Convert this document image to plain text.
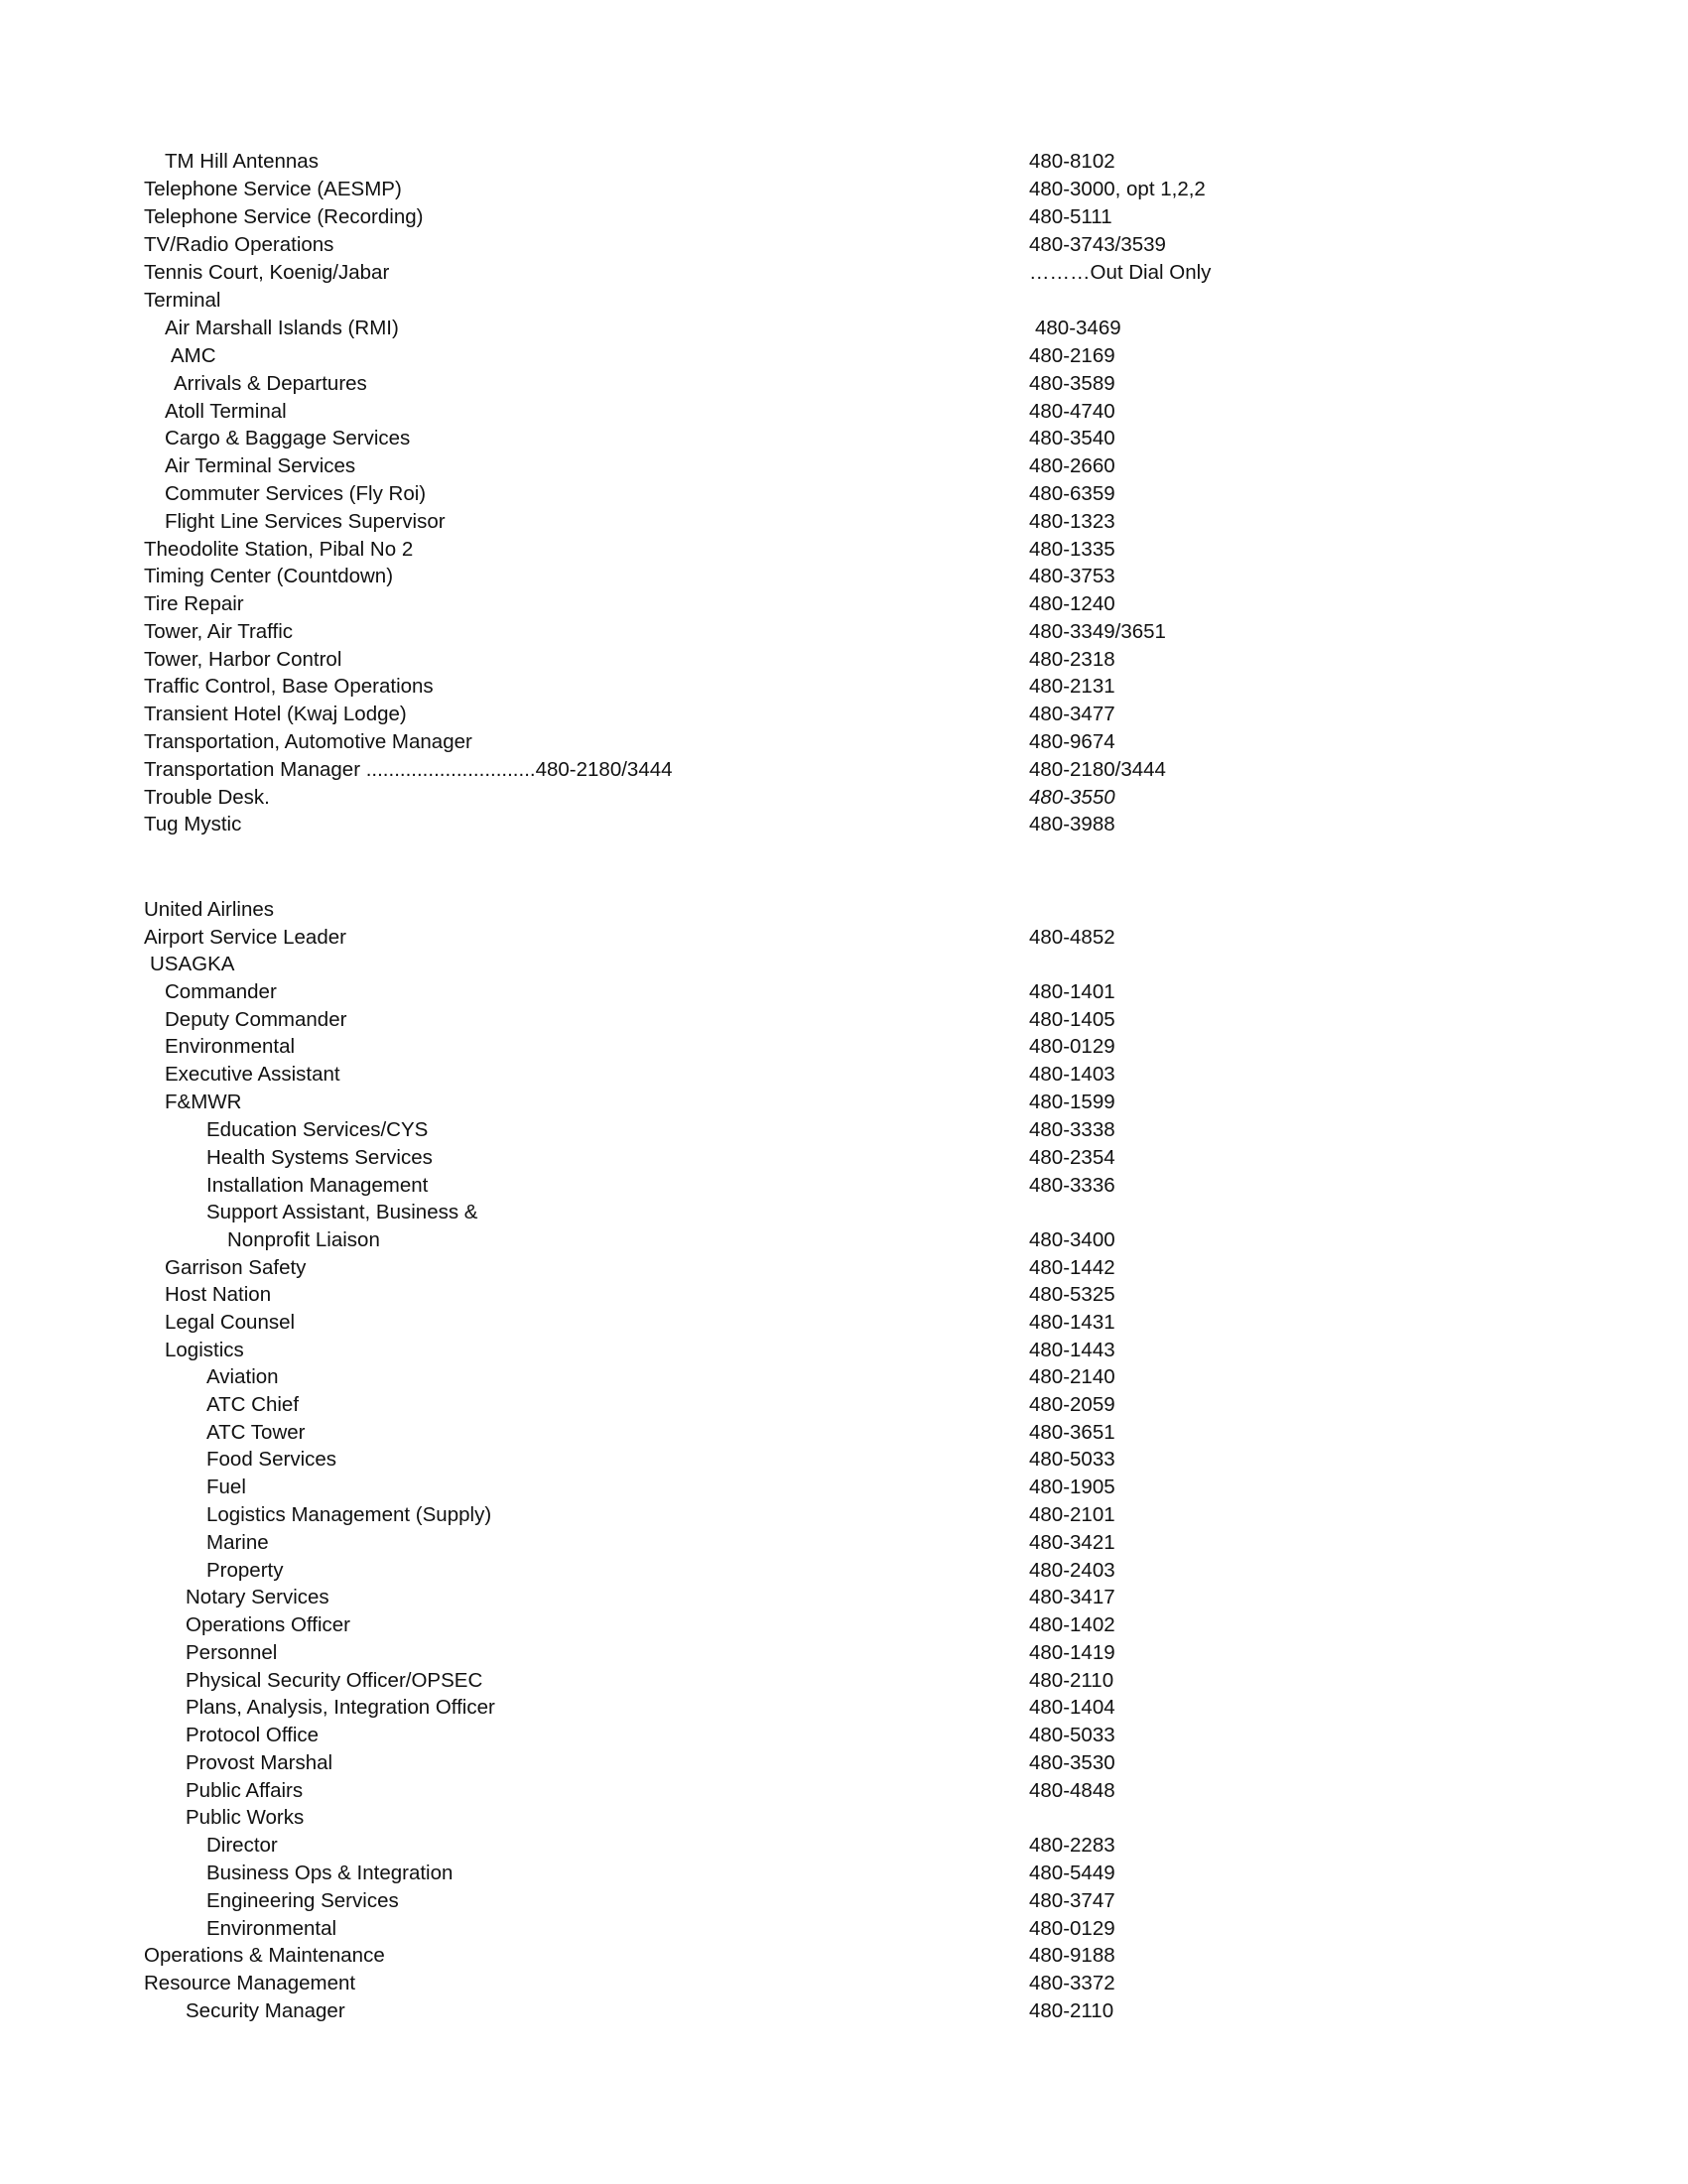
TM Hill Antennas	480-8102
Telephone Service (AESMP)	480-3000, opt 1,2,2
Telephone Service (Recording)	480-5111
TV/Radio Operations	480-3743/3539
Tennis Court, Koenig/Jabar	………Out Dial Only
Terminal
Air Marshall Islands (RMI)	480-3469
AMC	480-2169
Arrivals & Departures	480-3589
Atoll Terminal	480-4740
Cargo & Baggage Services	480-3540
Air Terminal Services	480-2660
Commuter Services (Fly Roi)	480-6359
Flight Line Services Supervisor	480-1323
Theodolite Station, Pibal No 2	480-1335
Timing Center (Countdown)	480-3753
Tire Repair	480-1240
Tower, Air Traffic	480-3349/3651
Tower, Harbor Control	480-2318
Traffic Control, Base Operations	480-2131
Transient Hotel (Kwaj Lodge)	480-3477
Transportation, Automotive Manager	480-9674
Transportation Manager ..............................480-2180/3444	480-2180/3444
Trouble Desk.	480-3550
Tug Mystic	480-3988
United Airlines
Airport Service Leader	480-4852
USAGKA
Commander	480-1401
Deputy Commander	480-1405
Environmental	480-0129
Executive Assistant	480-1403
F&MWR	480-1599
Education Services/CYS	480-3338
Health Systems Services	480-2354
Installation Management	480-3336
Support Assistant, Business &
Nonprofit Liaison	480-3400
Garrison Safety	480-1442
Host Nation	480-5325
Legal Counsel	480-1431
Logistics	480-1443
Aviation	480-2140
ATC Chief	480-2059
ATC Tower	480-3651
Food Services	480-5033
Fuel	480-1905
Logistics Management (Supply)	480-2101
Marine	480-3421
Property	480-2403
Notary Services	480-3417
Operations Officer	480-1402
Personnel	480-1419
Physical Security Officer/OPSEC	480-2110
Plans, Analysis, Integration Officer	480-1404
Protocol Office	480-5033
Provost Marshal	480-3530
Public Affairs	480-4848
Public Works
Director	480-2283
Business Ops & Integration	480-5449
Engineering Services	480-3747
Environmental	480-0129
Operations & Maintenance	480-9188
Resource Management	480-3372
Security Manager	480-2110
